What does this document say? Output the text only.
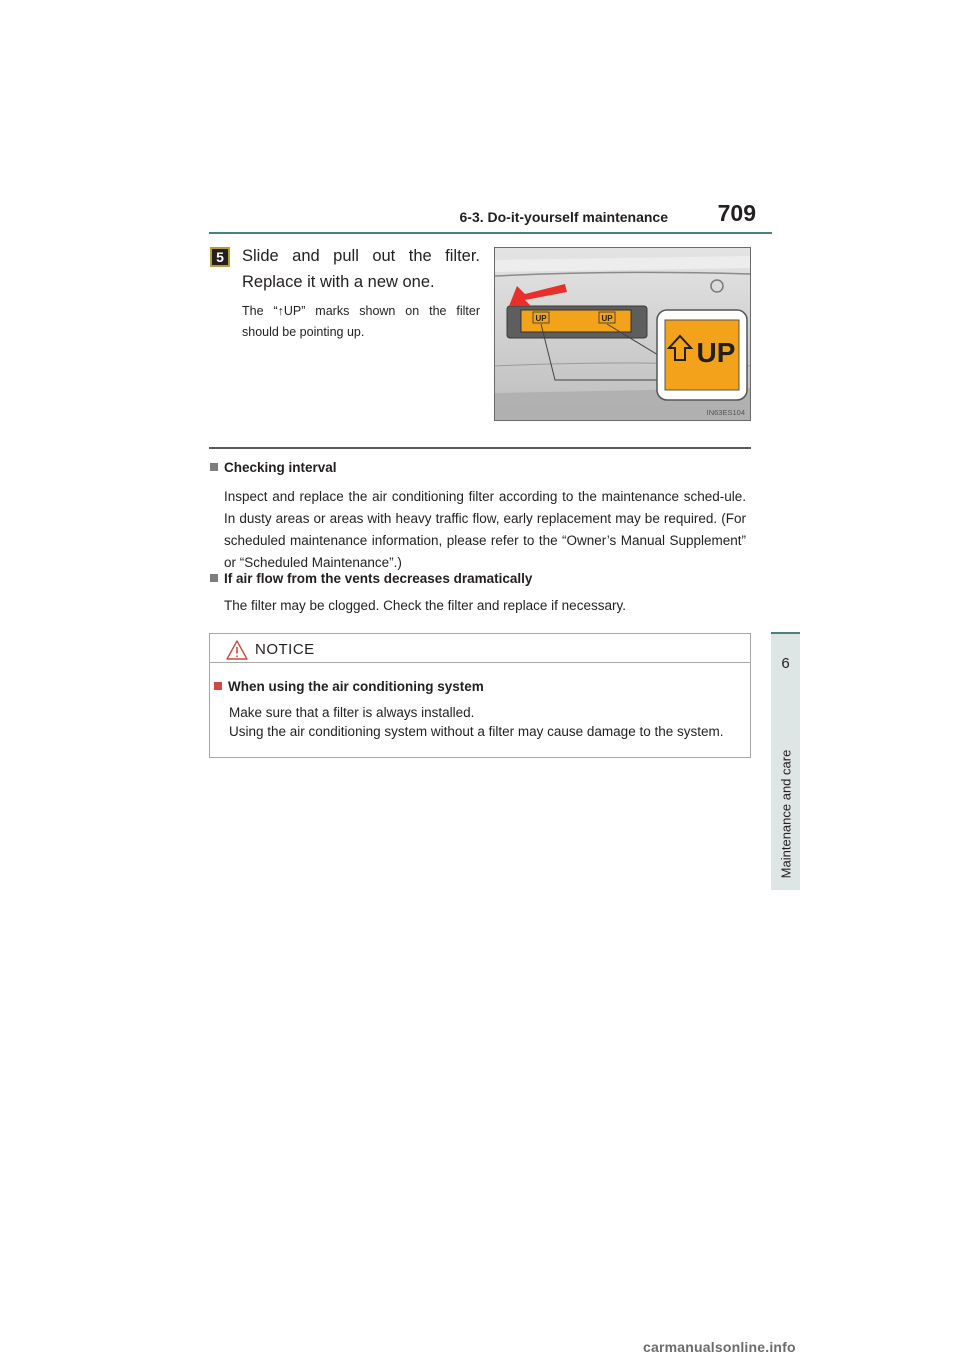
6-3. Do-it-yourself maintenance	709
6
Maintenance and care
5	Slide and pull out the filter. Replace it with a new one.
The “↑UP” marks shown on the filter should be pointing up.
UP	UP
UP
IN63ES104
Checking interval
Inspect and replace the air conditioning filter according to the maintenance sched-ule. In dusty areas or areas with heavy traffic flow, early replacement may be required. (For scheduled maintenance information, please refer to the “Owner’s Manual Supplement” or “Scheduled Maintenance”.)
If air flow from the vents decreases dramatically
The filter may be clogged. Check the filter and replace if necessary.
NOTICE
When using the air conditioning system
Make sure that a filter is always installed.
Using the air conditioning system without a filter may cause damage to the system.
carmanualsonline.info
